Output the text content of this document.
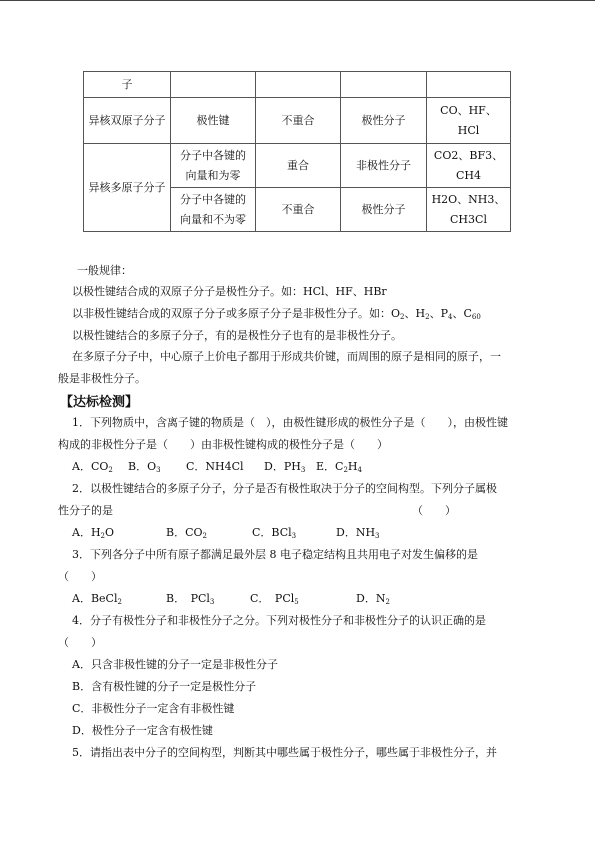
子				
异核双原子分子	极性键	不重合	极性分子	CO、HF、HCl
异核多原子分子	分子中各键的向量和为零	重合	非极性分子	CO2、BF3、CH4
	分子中各键的向量和不为零	不重合	极性分子	H2O、NH3、CH3Cl
一般规律：
以极性键结合成的双原子分子是极性分子。如：HCl、HF、HBr
以非极性键结合成的双原子分子或多原子分子是非极性分子。如：$O_2$、$H_2$、$P_4$、$C_{60}$
以极性键结合的多原子分子，有的是极性分子也有的是非极性分子。
在多原子分子中，中心原子上价电子都用于形成共价键，而周围的原子是相同的原子，一
般是非极性分子。
【达标检测】
1．下列物质中，含离子键的物质是（　），由极性键形成的极性分子是（　　），由极性键
构成的非极性分子是（　　）由非极性键构成的极性分子是（　　）
A．$CO_2$ B．$O_3$ C．NH4Cl D．$PH_3$ E．$C_2H_4$
2．以极性键结合的多原子分子，分子是否有极性取决于分子的空间构型。下列分子属极
性分子的是	（　　）
A．$H_2O$	B．$CO_2$	C．BCl$_3$	D．$NH_3$
3．下列各分子中所有原子都满足最外层 8 电子稳定结构且共用电子对发生偏移的是
（　　）
A．BeCl$_2$	B．　PCl$_3$	C．　PCl$_5$	D．$N_2$
4．分子有极性分子和非极性分子之分。下列对极性分子和非极性分子的认识正确的是
（　　）
A．只含非极性键的分子一定是非极性分子
B．含有极性键的分子一定是极性分子
C．非极性分子一定含有非极性键
D．极性分子一定含有极性键
5．请指出表中分子的空间构型，判断其中哪些属于极性分子，哪些属于非极性分子，并
